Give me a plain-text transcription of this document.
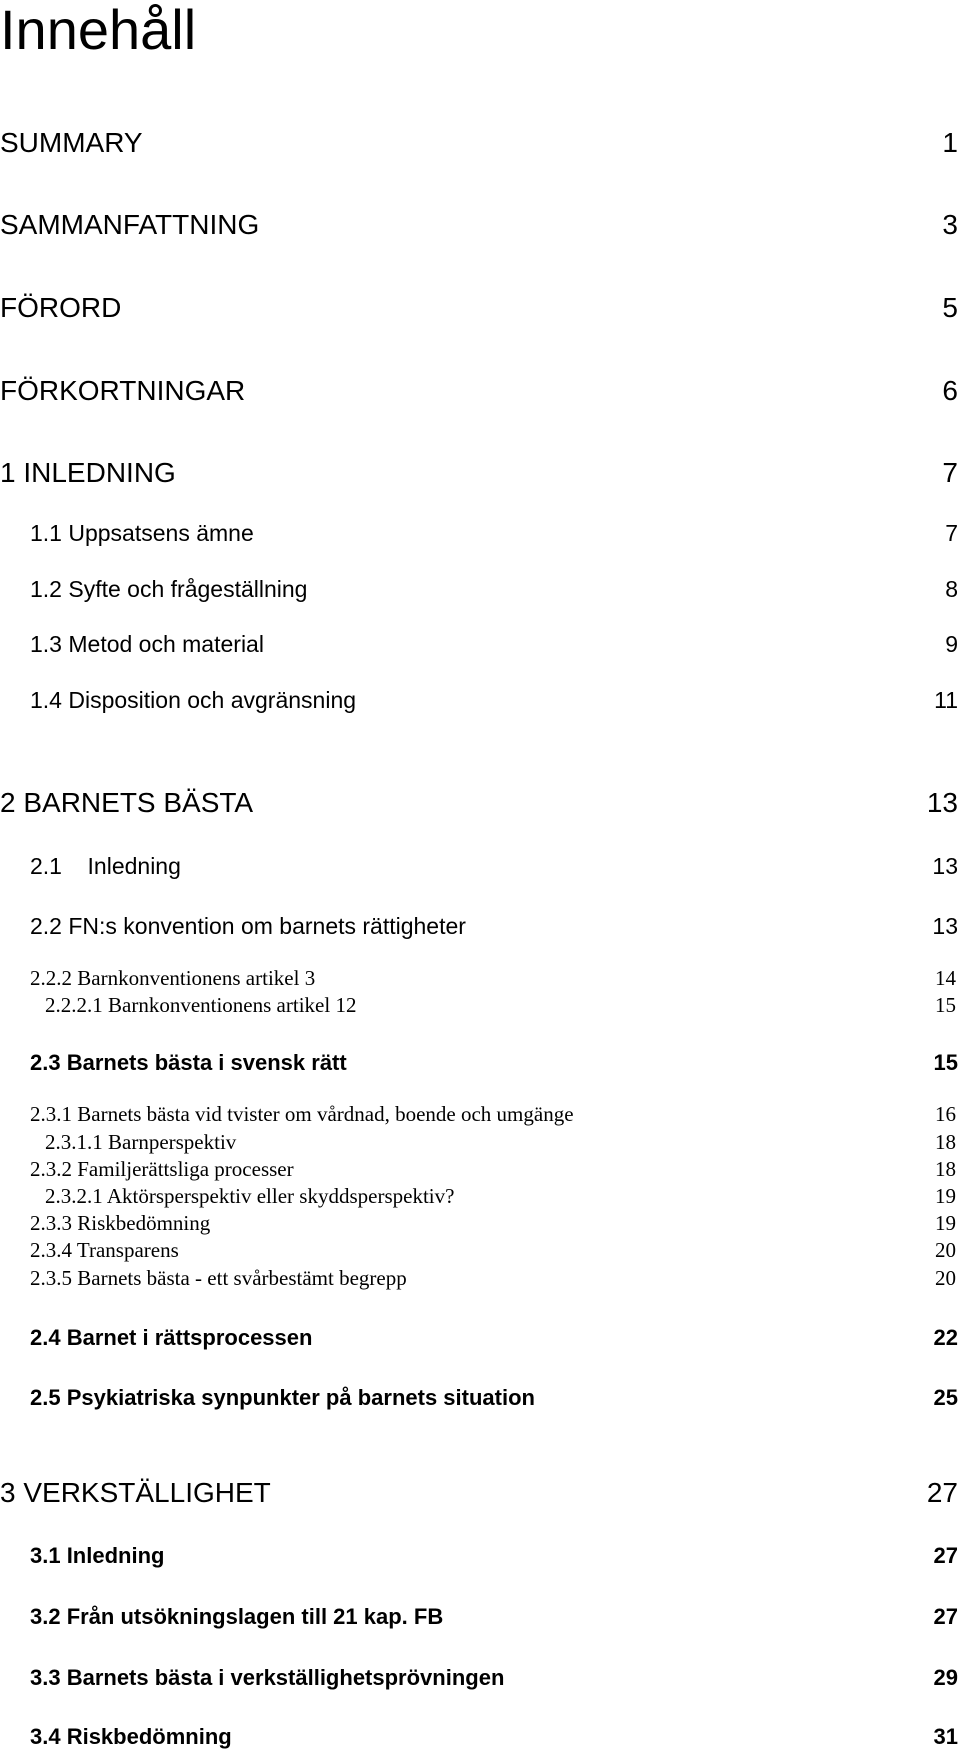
Innehåll
SUMMARY	1
SAMMANFATTNING	3
FÖRORD	5
FÖRKORTNINGAR	6
1 INLEDNING	7
1.1 Uppsatsens ämne	7
1.2 Syfte och frågeställning	8
1.3 Metod och material	9
1.4 Disposition och avgränsning	11
2 BARNETS BÄSTA	13
2.1    Inledning	13
2.2 FN:s konvention om barnets rättigheter	13
2.2.2 Barnkonventionens artikel 3	14
2.2.2.1 Barnkonventionens artikel 12	15
2.3 Barnets bästa i svensk rätt	15
2.3.1 Barnets bästa vid tvister om vårdnad, boende och umgänge	16
2.3.1.1 Barnperspektiv	18
2.3.2 Familjerättsliga processer	18
2.3.2.1 Aktörsperspektiv eller skyddsperspektiv?	19
2.3.3 Riskbedömning	19
2.3.4 Transparens	20
2.3.5 Barnets bästa - ett svårbestämt begrepp	20
2.4 Barnet i rättsprocessen	22
2.5 Psykiatriska synpunkter på barnets situation	25
3 VERKSTÄLLIGHET	27
3.1 Inledning	27
3.2 Från utsökningslagen till 21 kap. FB	27
3.3 Barnets bästa i verkställighetsprövningen	29
3.4 Riskbedömning	31
